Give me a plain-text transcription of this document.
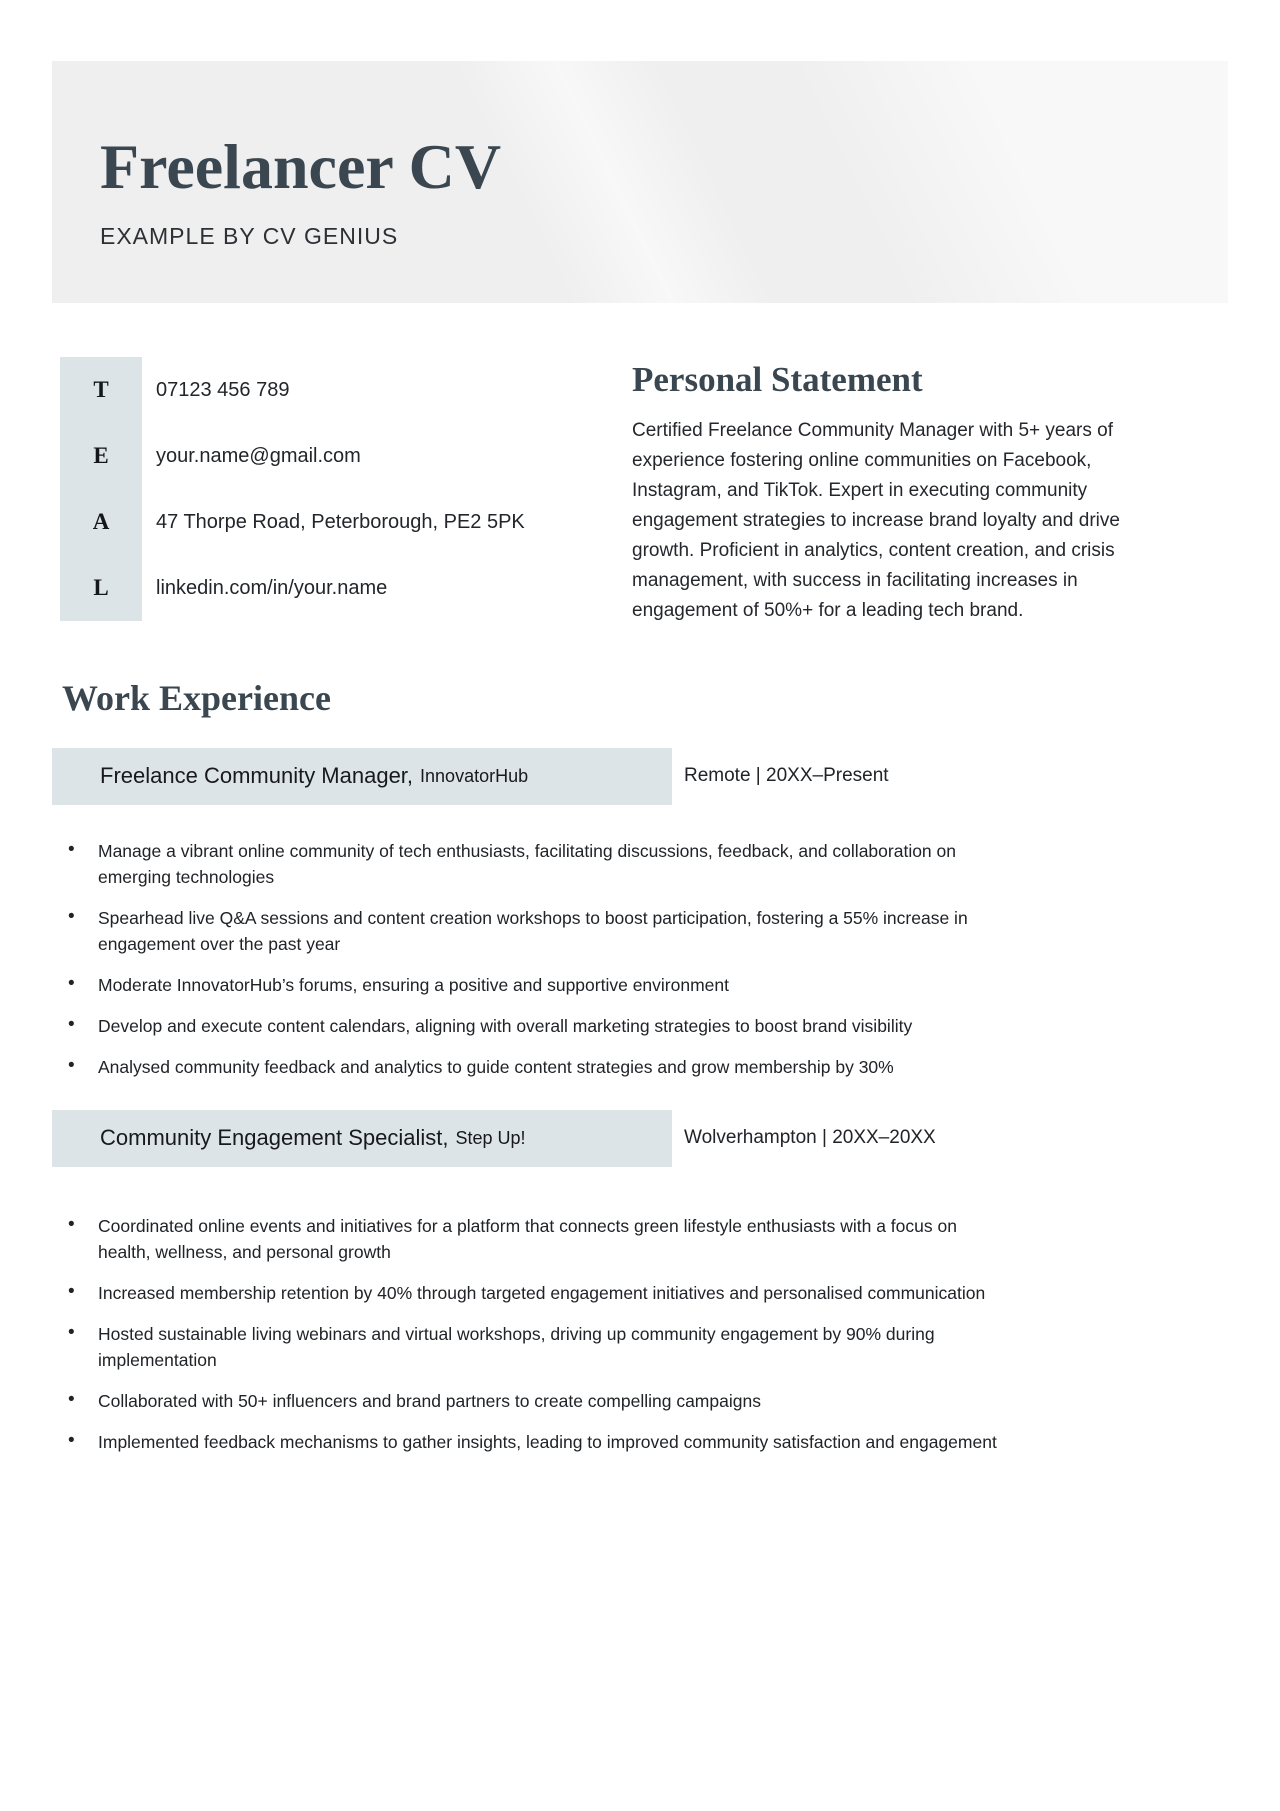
Freelancer CV
EXAMPLE BY CV GENIUS
T	07123 456 789
E	your.name@gmail.com
A	47 Thorpe Road, Peterborough, PE2 5PK
L	linkedin.com/in/your.name
Personal Statement

Certified Freelance Community Manager with 5+ years of experience fostering online communities on Facebook, Instagram, and TikTok. Expert in executing community engagement strategies to increase brand loyalty and drive growth. Proficient in analytics, content creation, and crisis management, with success in facilitating increases in engagement of 50%+ for a leading tech brand.

Work Experience
Freelance Community Manager, InnovatorHub	Remote | 20XX–Present
• Manage a vibrant online community of tech enthusiasts, facilitating discussions, feedback, and collaboration on emerging technologies
• Spearhead live Q&A sessions and content creation workshops to boost participation, fostering a 55% increase in engagement over the past year
• Moderate InnovatorHub’s forums, ensuring a positive and supportive environment
• Develop and execute content calendars, aligning with overall marketing strategies to boost brand visibility
• Analysed community feedback and analytics to guide content strategies and grow membership by 30%
Community Engagement Specialist, Step Up!	Wolverhampton | 20XX–20XX
• Coordinated online events and initiatives for a platform that connects green lifestyle enthusiasts with a focus on health, wellness, and personal growth
• Increased membership retention by 40% through targeted engagement initiatives and personalised communication
• Hosted sustainable living webinars and virtual workshops, driving up community engagement by 90% during implementation
• Collaborated with 50+ influencers and brand partners to create compelling campaigns
• Implemented feedback mechanisms to gather insights, leading to improved community satisfaction and engagement
